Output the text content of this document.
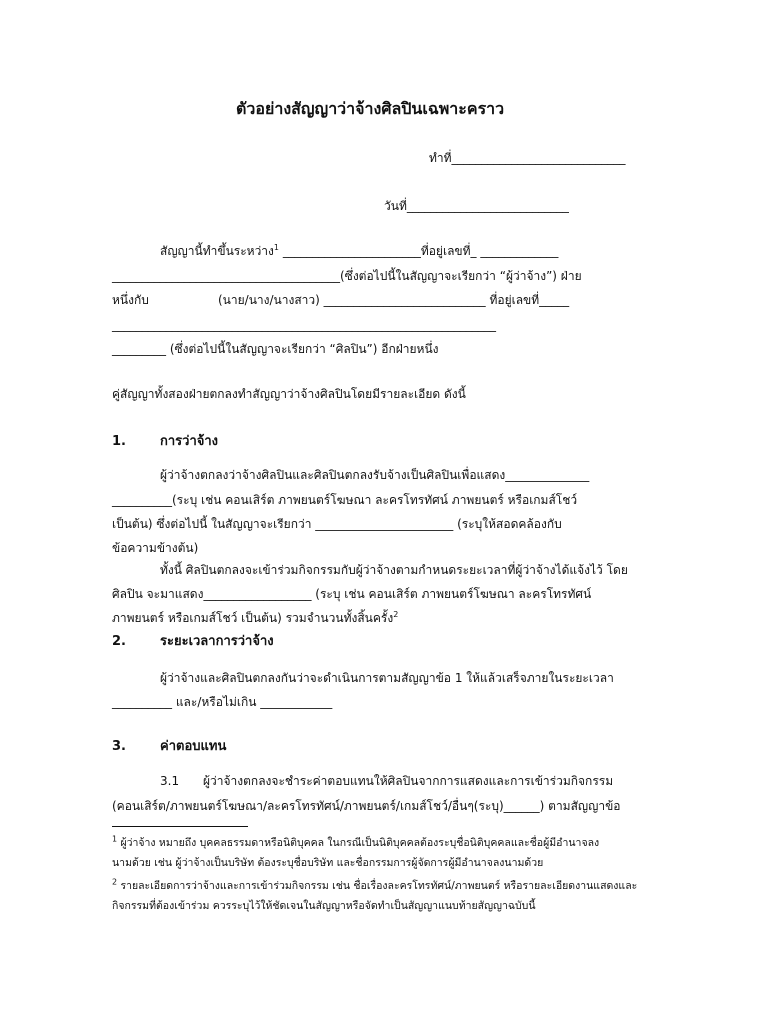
ตัวอย่างสัญญาว่าจ้างศิลปินเฉพาะคราว
ทำที่_____________________________
วันที่___________________________
สัญญานี้ทำขึ้นระหว่าง$^1$ _______________________ที่อยู่เลขที่_ _____________
______________________________________(ซึ่งต่อไปนี้ในสัญญาจะเรียกว่า “ผู้ว่าจ้าง”) ฝ่าย
หนึ่งกับ	(นาย/นาง/นางสาว) ___________________________ ที่อยู่เลขที่_____
________________________________________________________________
_________ (ซึ่งต่อไปนี้ในสัญญาจะเรียกว่า “ศิลปิน”) อีกฝ่ายหนึ่ง
คู่สัญญาทั้งสองฝ่ายตกลงทำสัญญาว่าจ้างศิลปินโดยมีรายละเอียด ดังนี้
1.	การว่าจ้าง
ผู้ว่าจ้างตกลงว่าจ้างศิลปินและศิลปินตกลงรับจ้างเป็นศิลปินเพื่อแสดง______________
__________(ระบุ เช่น คอนเสิร์ต ภาพยนตร์โฆษณา ละครโทรทัศน์ ภาพยนตร์ หรือเกมส์โชว์
เป็นต้น) ซึ่งต่อไปนี้ ในสัญญาจะเรียกว่า _______________________ (ระบุให้สอดคล้องกับ
ข้อความข้างต้น)
ทั้งนี้ ศิลปินตกลงจะเข้าร่วมกิจกรรมกับผู้ว่าจ้างตามกำหนดระยะเวลาที่ผู้ว่าจ้างได้แจ้งไว้ โดย
ศิลปิน จะมาแสดง__________________ (ระบุ เช่น คอนเสิร์ต ภาพยนตร์โฆษณา ละครโทรทัศน์
ภาพยนตร์ หรือเกมส์โชว์ เป็นต้น) รวมจำนวนทั้งสิ้นครั้ง$^2$
2.	ระยะเวลาการว่าจ้าง
ผู้ว่าจ้างและศิลปินตกลงกันว่าจะดำเนินการตามสัญญาข้อ 1 ให้แล้วเสร็จภายในระยะเวลา
__________ และ/หรือไม่เกิน ____________
3.	ค่าตอบแทน
3.1 ผู้ว่าจ้างตกลงจะชำระค่าตอบแทนให้ศิลปินจากการแสดงและการเข้าร่วมกิจกรรม
(คอนเสิร์ต/ภาพยนตร์โฆษณา/ละครโทรทัศน์/ภาพยนตร์/เกมส์โชว์/อื่นๆ(ระบุ)______) ตามสัญญาข้อ
$^1$ ผู้ว่าจ้าง หมายถึง บุคคลธรรมดาหรือนิติบุคคล ในกรณีเป็นนิติบุคคลต้องระบุชื่อนิติบุคคลและชื่อผู้มีอำนาจลง
นามด้วย เช่น ผู้ว่าจ้างเป็นบริษัท ต้องระบุชื่อบริษัท และชื่อกรรมการผู้จัดการผู้มีอำนาจลงนามด้วย
$^2$ รายละเอียดการว่าจ้างและการเข้าร่วมกิจกรรม เช่น ชื่อเรื่องละครโทรทัศน์/ภาพยนตร์ หรือรายละเอียดงานแสดงและ
กิจกรรมที่ต้องเข้าร่วม ควรระบุไว้ให้ชัดเจนในสัญญาหรือจัดทำเป็นสัญญาแนบท้ายสัญญาฉบับนี้
